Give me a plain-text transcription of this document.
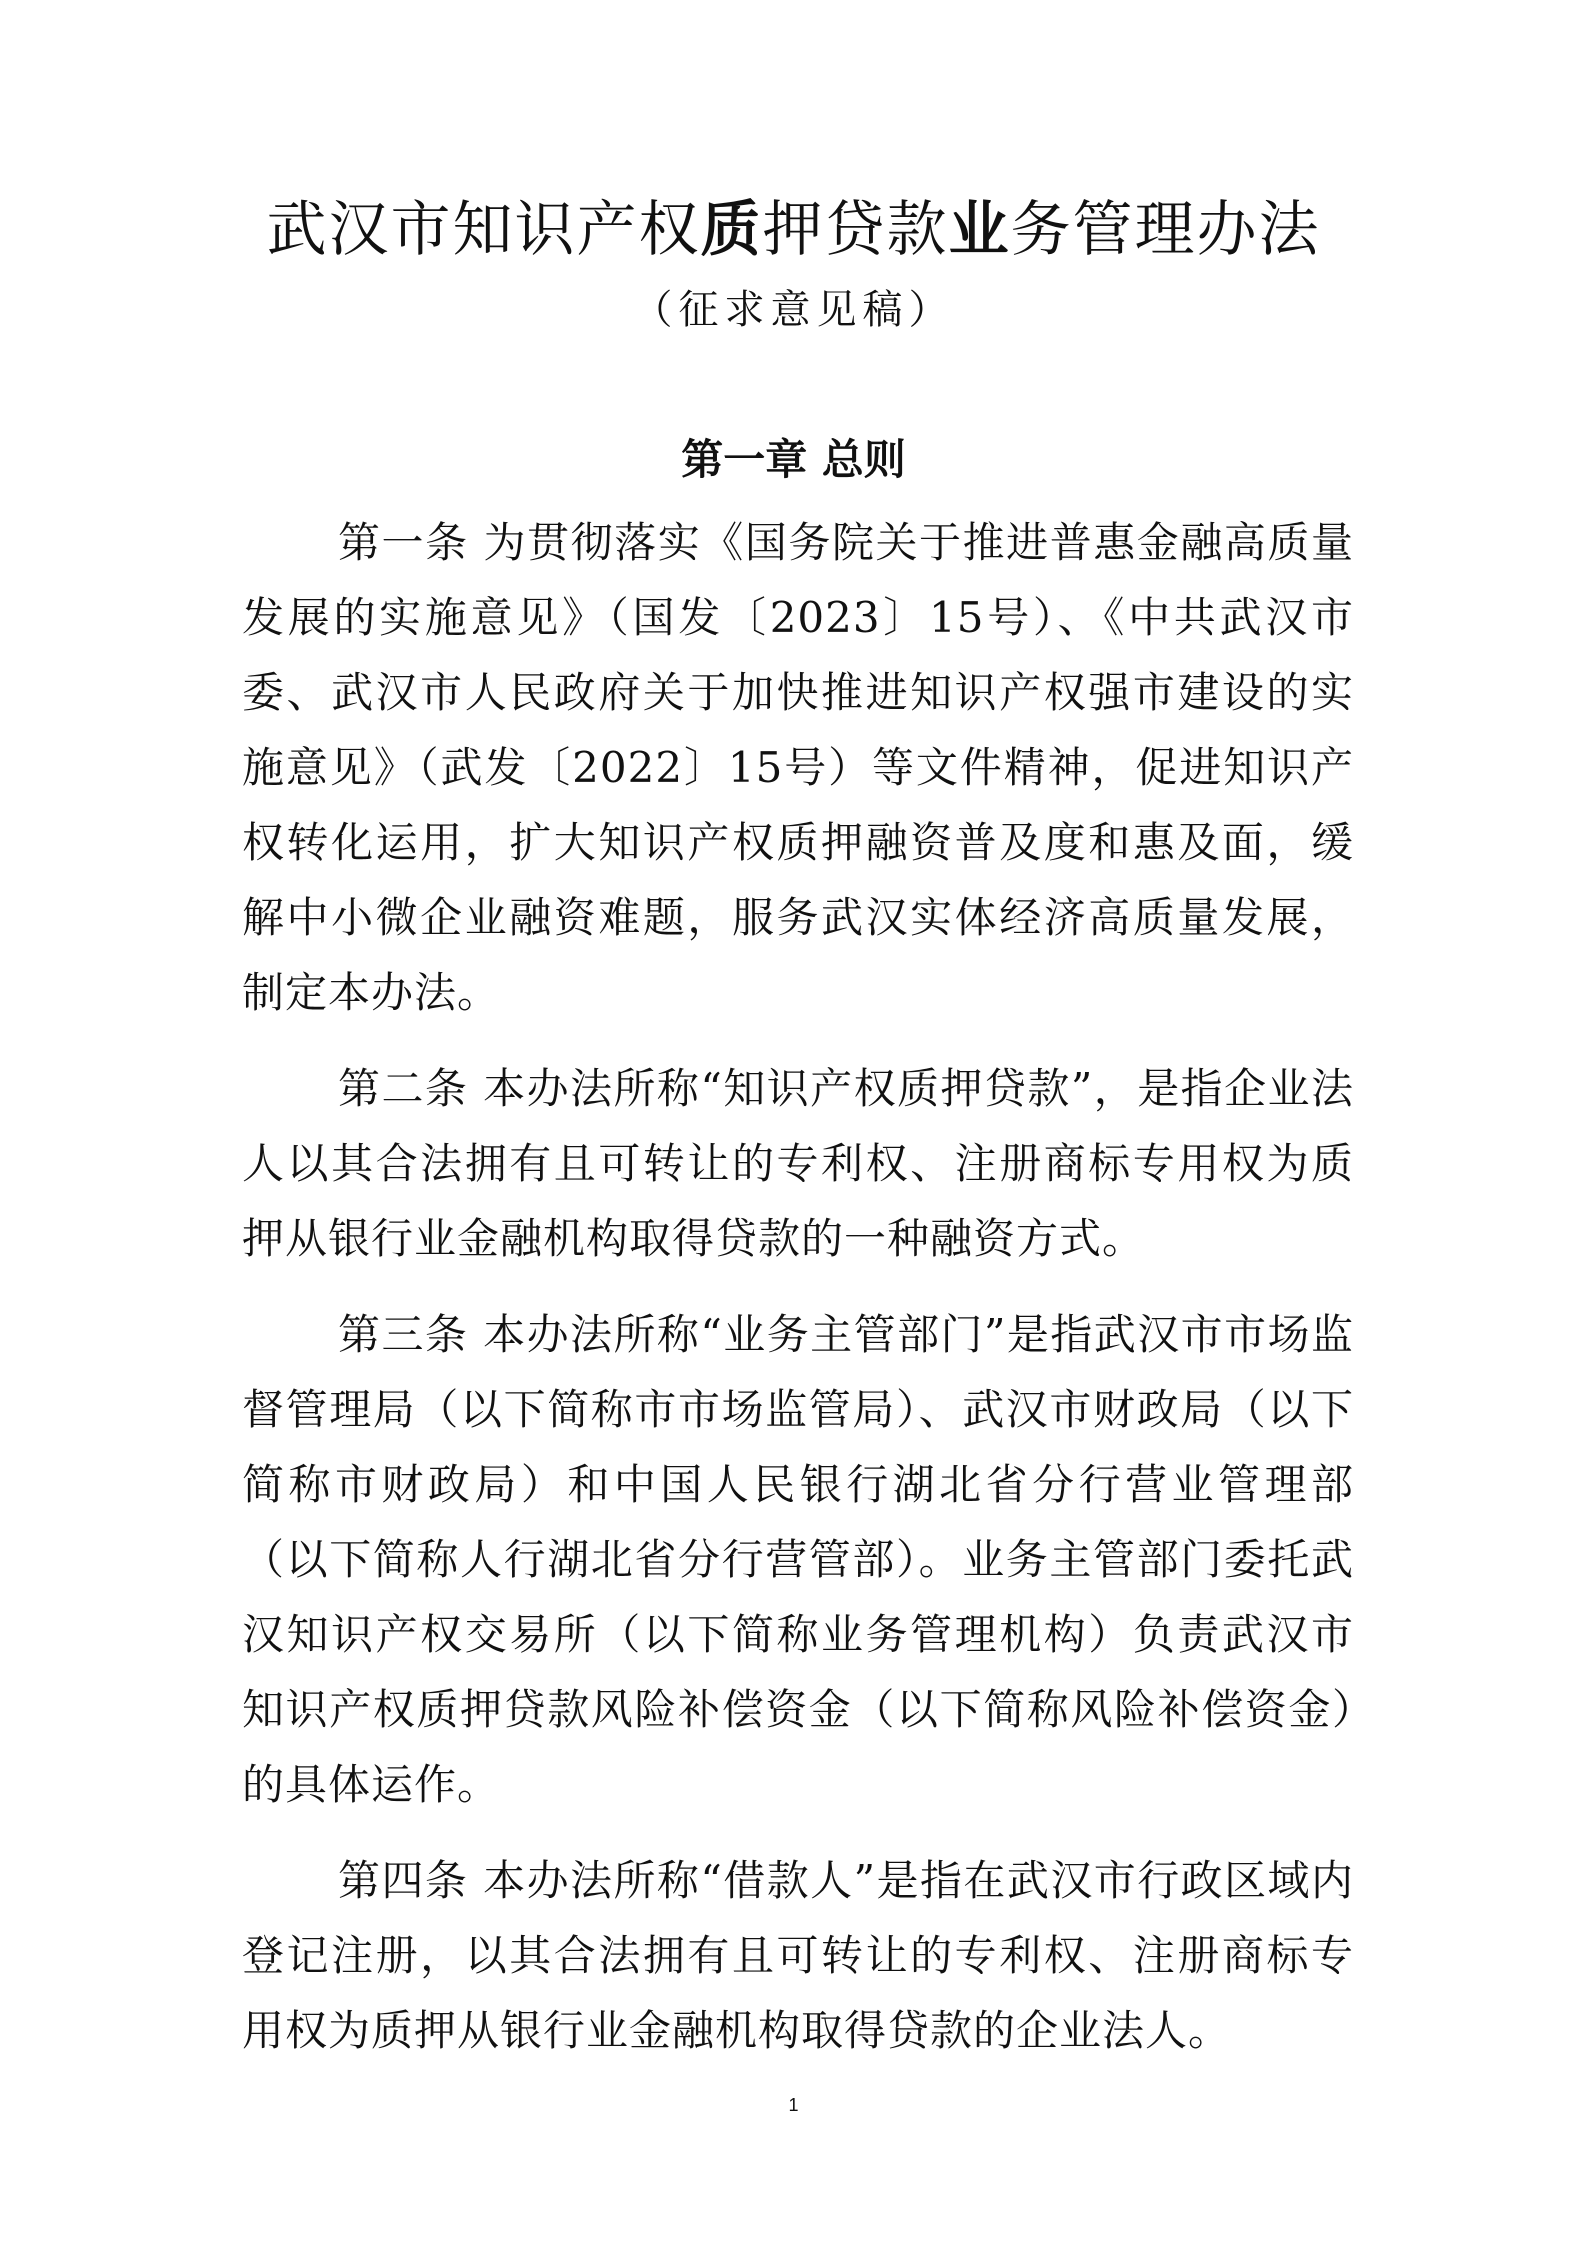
武汉市知识产权质押贷款业务管理办法
（征求意见稿）
第一章 总则

第一条 为贯彻落实《国务院关于推进普惠金融高质量发展的实施意见》（国发〔2023〕15号）、《中共武汉市委、武汉市人民政府关于加快推进知识产权强市建设的实施意见》（武发〔2022〕15号）等文件精神，促进知识产权转化运用，扩大知识产权质押融资普及度和惠及面，缓解中小微企业融资难题，服务武汉实体经济高质量发展，制定本办法。

第二条 本办法所称“知识产权质押贷款”，是指企业法人以其合法拥有且可转让的专利权、注册商标专用权为质押从银行业金融机构取得贷款的一种融资方式。

第三条 本办法所称“业务主管部门”是指武汉市市场监督管理局（以下简称市市场监管局）、武汉市财政局（以下简称市财政局）和中国人民银行湖北省分行营业管理部（以下简称人行湖北省分行营管部）。业务主管部门委托武汉知识产权交易所（以下简称业务管理机构）负责武汉市知识产权质押贷款风险补偿资金（以下简称风险补偿资金）的具体运作。

第四条 本办法所称“借款人”是指在武汉市行政区域内登记注册，以其合法拥有且可转让的专利权、注册商标专用权为质押从银行业金融机构取得贷款的企业法人。

1
